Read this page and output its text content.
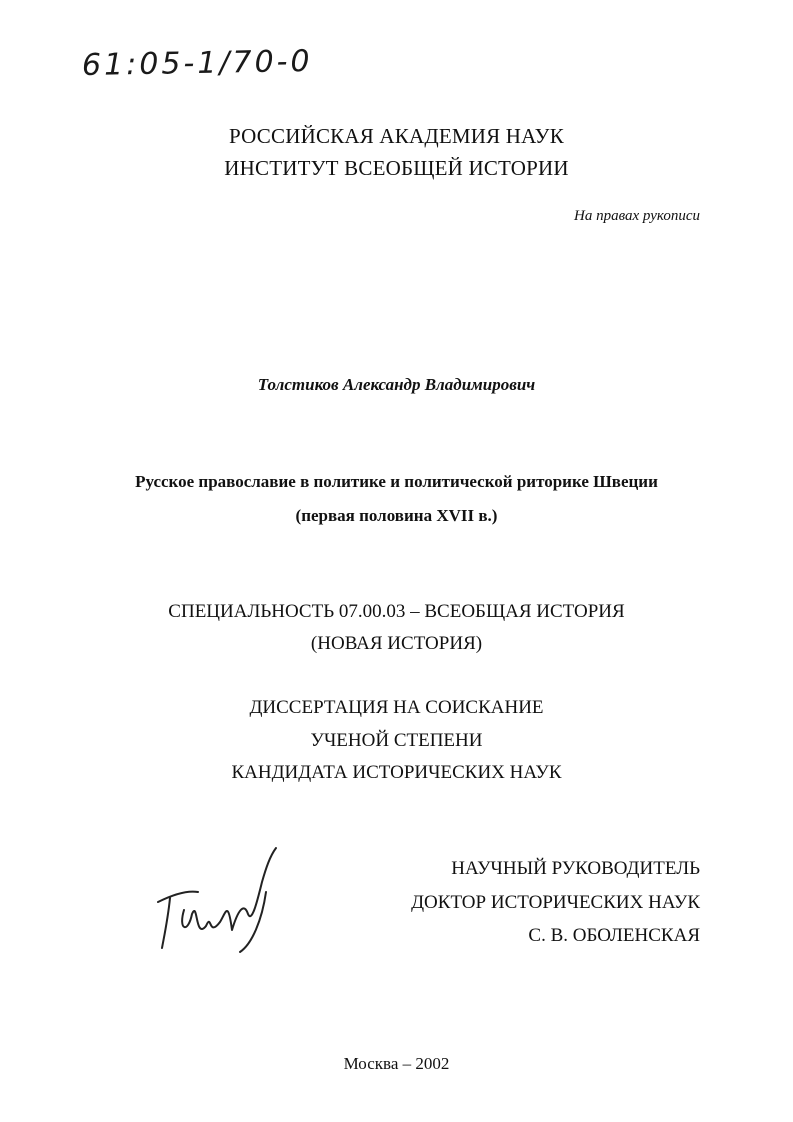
61:05-1/70-0
РОССИЙСКАЯ АКАДЕМИЯ НАУК
ИНСТИТУТ ВСЕОБЩЕЙ ИСТОРИИ
На правах рукописи
Толстиков Александр Владимирович
Русское православие в политике и политической риторике Швеции
(первая половина XVII в.)
СПЕЦИАЛЬНОСТЬ 07.00.03 – ВСЕОБЩАЯ ИСТОРИЯ
(НОВАЯ ИСТОРИЯ)
ДИССЕРТАЦИЯ НА СОИСКАНИЕ
УЧЕНОЙ СТЕПЕНИ
КАНДИДАТА ИСТОРИЧЕСКИХ НАУК
НАУЧНЫЙ РУКОВОДИТЕЛЬ
ДОКТОР ИСТОРИЧЕСКИХ НАУК
С. В. ОБОЛЕНСКАЯ
Москва – 2002
